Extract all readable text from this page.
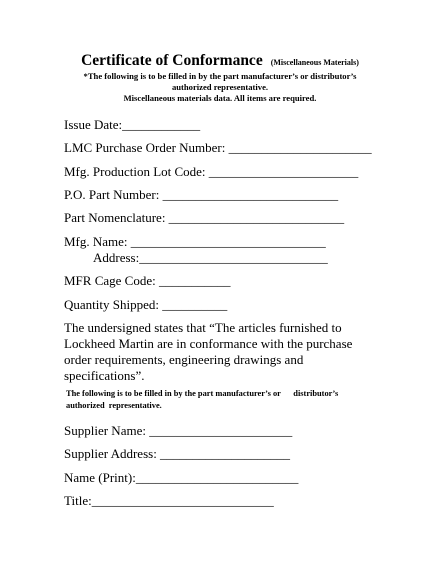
Certificate of Conformance (Miscellaneous Materials)
*The following is to be filled in by the part manufacturer’s or distributor’s
authorized representative.
Miscellaneous materials data. All items are required.
Issue Date:____________
LMC Purchase Order Number: ______________________
Mfg. Production Lot Code: _______________________
P.O. Part Number: ___________________________
Part Nomenclature: ___________________________
Mfg. Name: ______________________________
Address:_____________________________
MFR Cage Code: ___________
Quantity Shipped: __________
The undersigned states that “The articles furnished to
Lockheed Martin are in conformance with the purchase
order requirements, engineering drawings and
specifications”.
The following is to be filled in by the part manufacturer’s or      distributor’s
authorized  representative.
Supplier Name: ______________________
Supplier Address: ____________________
Name (Print):_________________________
Title:____________________________
